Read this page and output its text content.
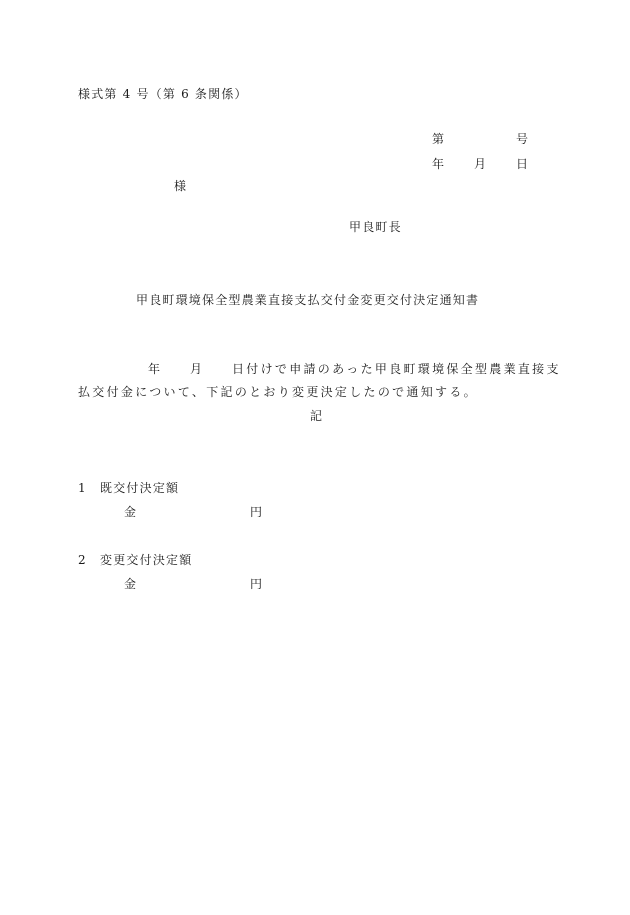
様式第 4 号（第 6 条関係）
第	号
年 月 日
様
甲良町長
甲良町環境保全型農業直接支払交付金変更交付決定通知書
年 月 日付けで申請のあった甲良町環境保全型農業直接支
払交付金について、下記のとおり変更決定したので通知する。
記
1　既交付決定額
金	円
2　変更交付決定額
金	円
